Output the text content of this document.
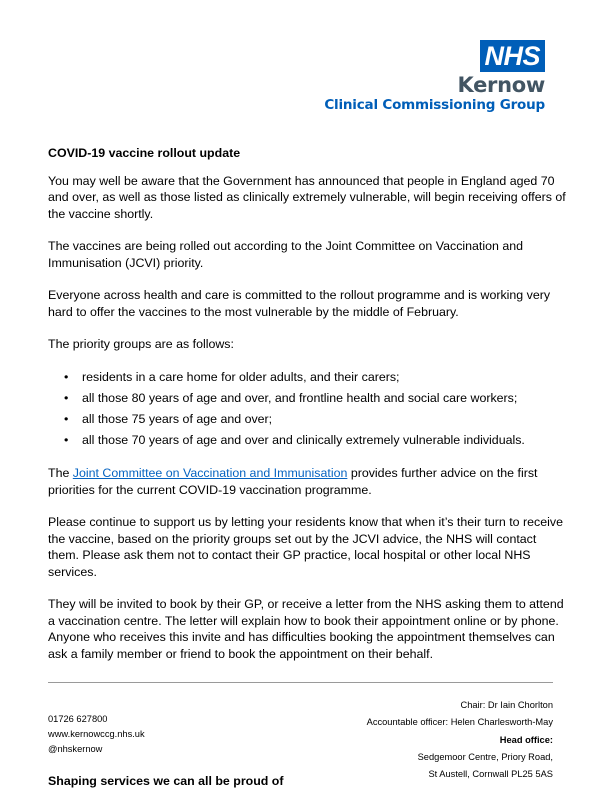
NHS
Kernow
Clinical Commissioning Group
COVID-19 vaccine rollout update

You may well be aware that the Government has announced that people in England aged 70 and over, as well as those listed as clinically extremely vulnerable, will begin receiving offers of the vaccine shortly.

The vaccines are being rolled out according to the Joint Committee on Vaccination and Immunisation (JCVI) priority.

Everyone across health and care is committed to the rollout programme and is working very hard to offer the vaccines to the most vulnerable by the middle of February.

The priority groups are as follows:

• residents in a care home for older adults, and their carers;
• all those 80 years of age and over, and frontline health and social care workers;
• all those 75 years of age and over;
• all those 70 years of age and over and clinically extremely vulnerable individuals.

The Joint Committee on Vaccination and Immunisation provides further advice on the first priorities for the current COVID-19 vaccination programme.

Please continue to support us by letting your residents know that when it’s their turn to receive the vaccine, based on the priority groups set out by the JCVI advice, the NHS will contact them. Please ask them not to contact their GP practice, local hospital or other local NHS services.

They will be invited to book by their GP, or receive a letter from the NHS asking them to attend a vaccination centre. The letter will explain how to book their appointment online or by phone. Anyone who receives this invite and has difficulties booking the appointment themselves can ask a family member or friend to book the appointment on their behalf.

01726 627800
www.kernowccg.nhs.uk
@nhskernow
Chair: Dr Iain Chorlton
Accountable officer: Helen Charlesworth-May
Head office:
Sedgemoor Centre, Priory Road,
St Austell, Cornwall PL25 5AS
Shaping services we can all be proud of
